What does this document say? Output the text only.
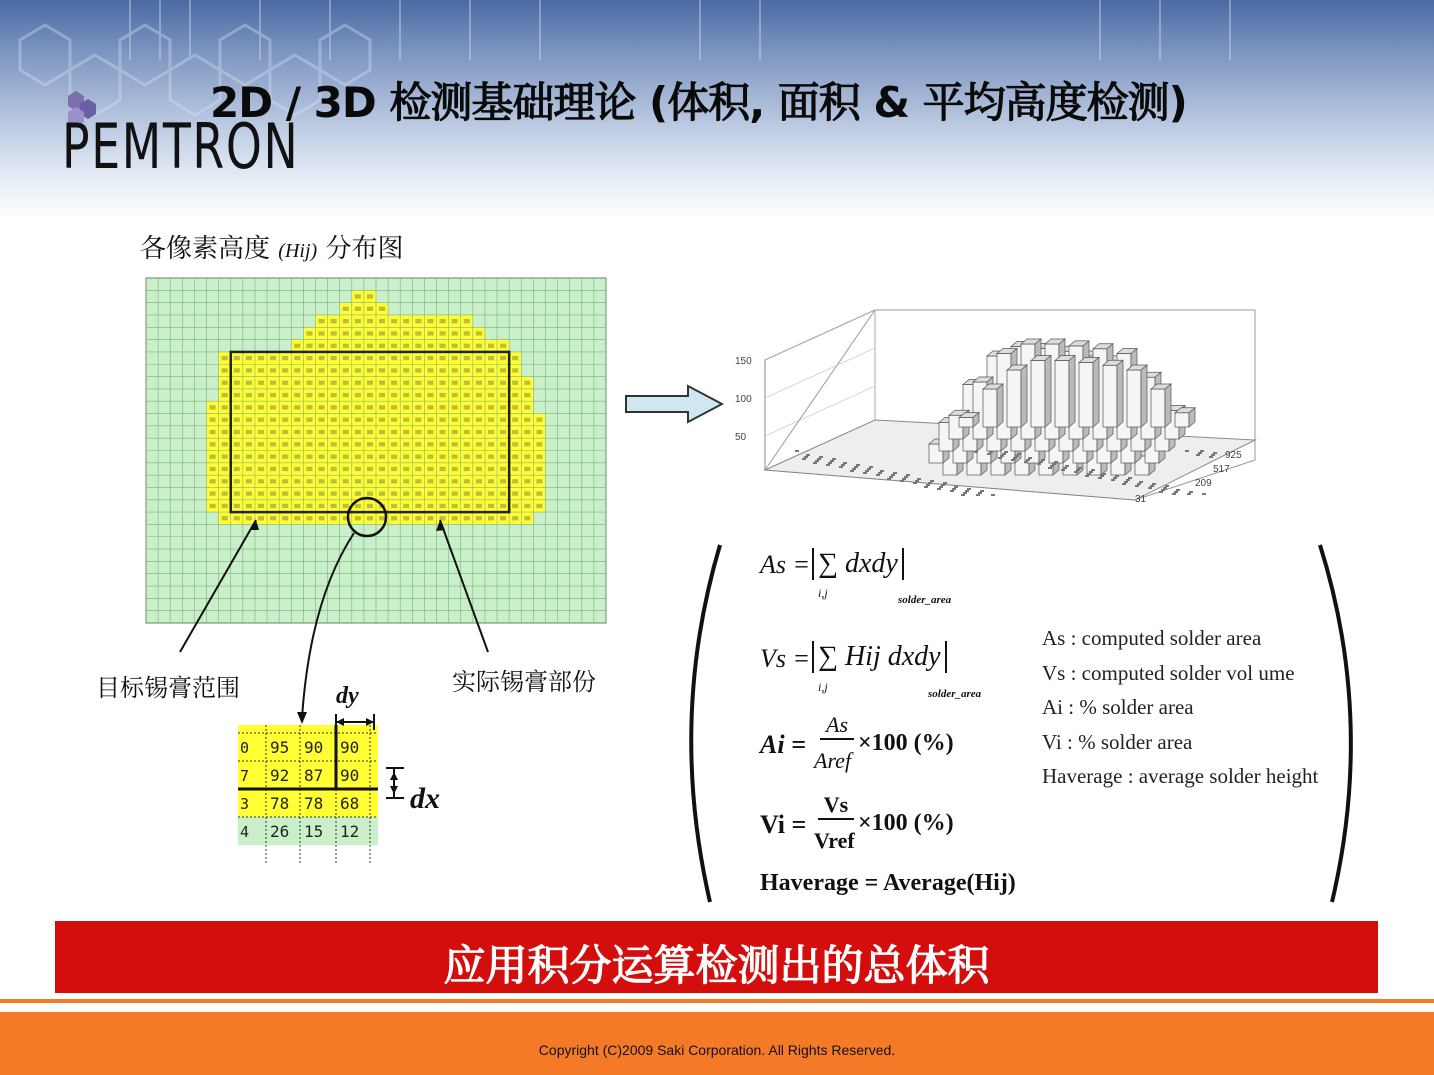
PEMTRON
2D / 3D 检测基础理论 (体积, 面积 & 平均高度检测)
各像素高度 (Hij) 分布图
150
100
50
925
517
209
31
目标锡膏范围	实际锡膏部份
0 95 90 90
7 92 87 90
3 78 78 68
4 26 15 12
dy
dx
As = ∑ dxdy
i,j	solder_area
Vs = ∑ Hij dxdy
i,j	solder_area
Ai =
As
Aref
×100 (%)
Vi =
Vs
Vref
×100 (%)
Haverage = Average(Hij)
As : computed solder area
Vs : computed solder vol ume
Ai : % solder area
Vi : % solder area
Haverage : average solder height
应用积分运算检测出的总体积
Copyright (C)2009 Saki Corporation. All Rights Reserved.
